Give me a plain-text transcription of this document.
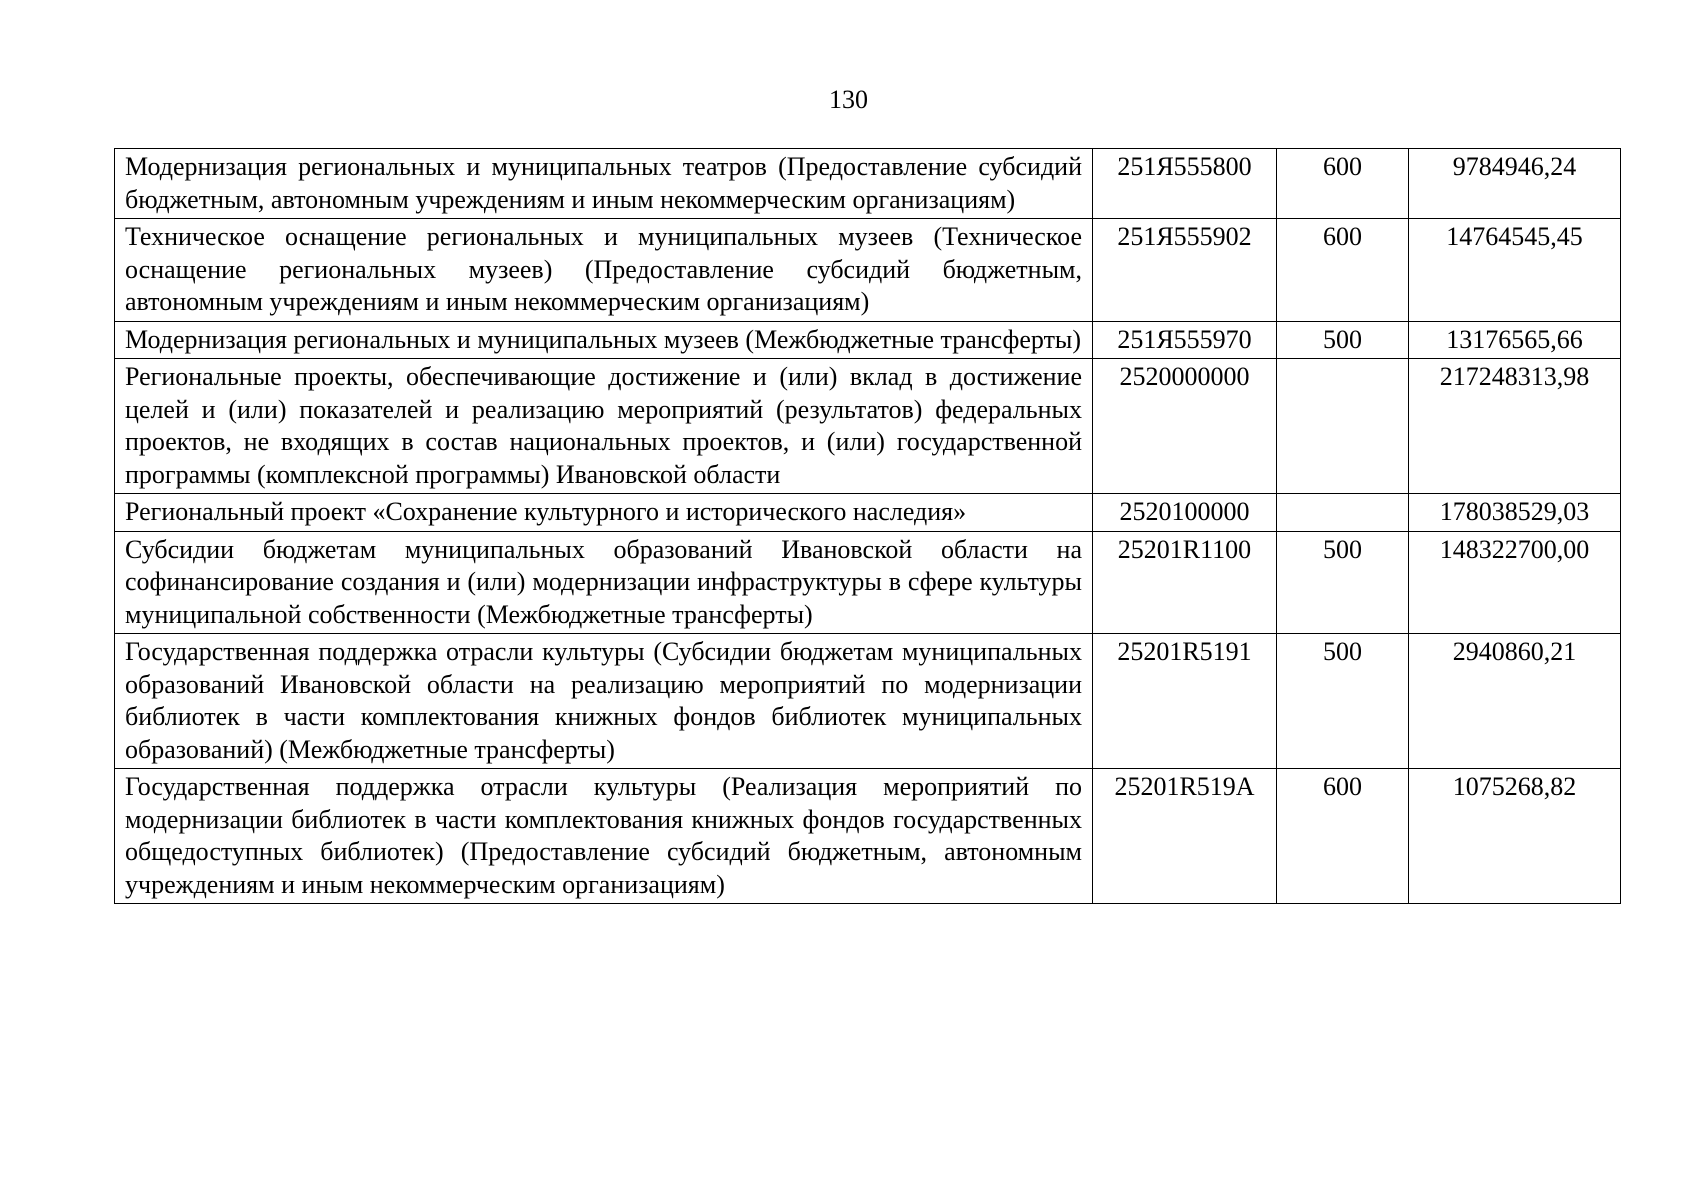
130
Модернизация региональных и муниципальных театров (Предоставление субсидий бюджетным, автономным учреждениям и иным некоммерческим организациям)	251Я555800	600	9784946,24
Техническое оснащение региональных и муниципальных музеев (Техническое оснащение региональных музеев) (Предоставление субсидий бюджетным, автономным учреждениям и иным некоммерческим организациям)	251Я555902	600	14764545,45
Модернизация региональных и муниципальных музеев (Межбюджетные трансферты)	251Я555970	500	13176565,66
Региональные проекты, обеспечивающие достижение и (или) вклад в достижение целей и (или) показателей и реализацию мероприятий (результатов) федеральных проектов, не входящих в состав национальных проектов, и (или) государственной программы (комплексной программы) Ивановской области	2520000000		217248313,98
Региональный проект «Сохранение культурного и исторического наследия»	2520100000		178038529,03
Субсидии бюджетам муниципальных образований Ивановской области на софинансирование создания и (или) модернизации инфраструктуры в сфере культуры муниципальной собственности (Межбюджетные трансферты)	25201R1100	500	148322700,00
Государственная поддержка отрасли культуры (Субсидии бюджетам муниципальных образований Ивановской области на реализацию мероприятий по модернизации библиотек в части комплектования книжных фондов библиотек муниципальных образований) (Межбюджетные трансферты)	25201R5191	500	2940860,21
Государственная поддержка отрасли культуры (Реализация мероприятий по модернизации библиотек в части комплектования книжных фондов государственных общедоступных библиотек) (Предоставление субсидий бюджетным, автономным учреждениям и иным некоммерческим организациям)	25201R519A	600	1075268,82
